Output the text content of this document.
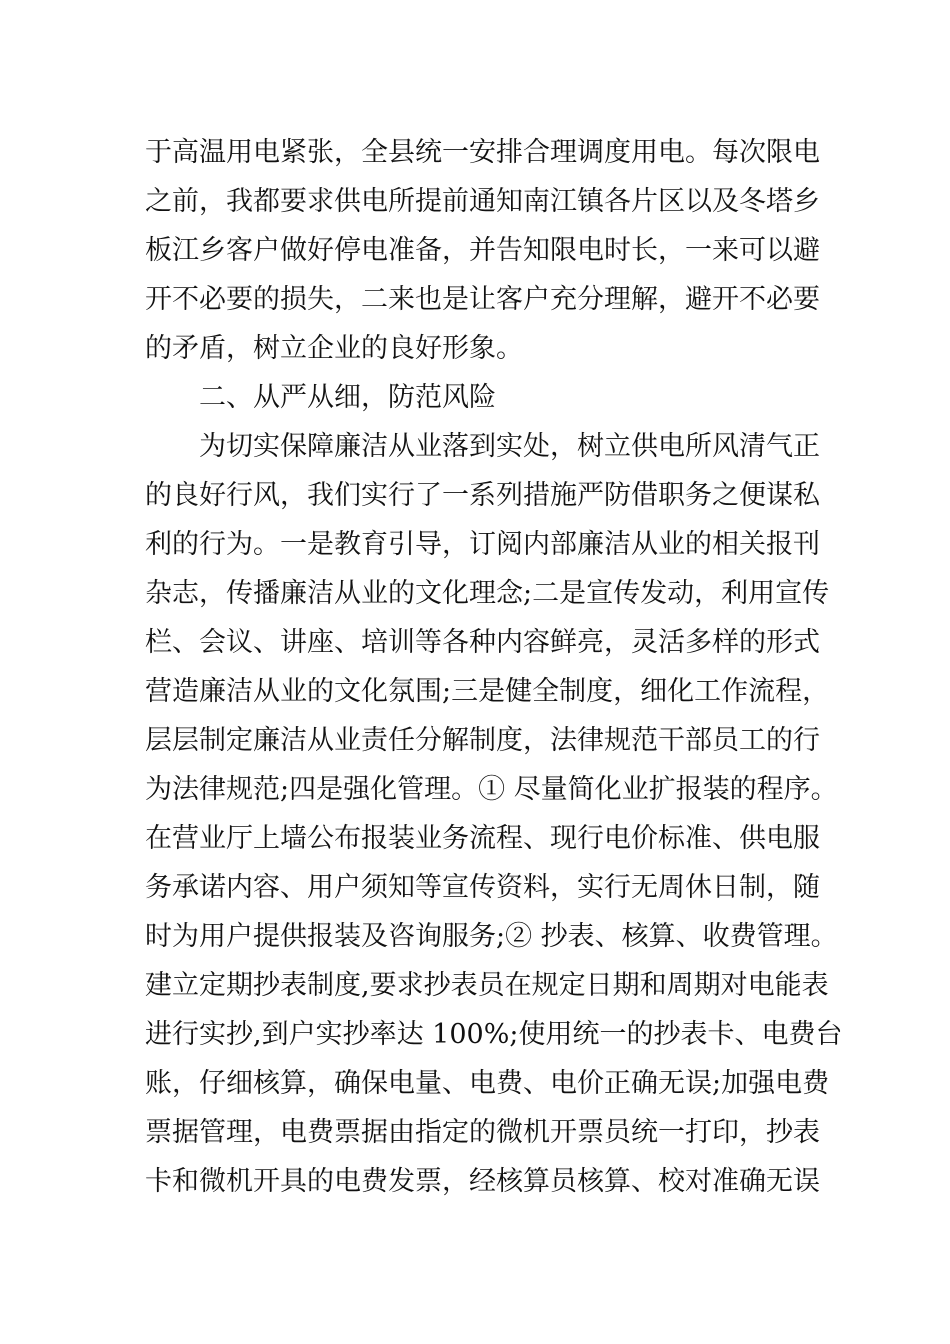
于高温用电紧张，全县统一安排合理调度用电。每次限电
之前，我都要求供电所提前通知南江镇各片区以及冬塔乡
板江乡客户做好停电准备，并告知限电时长，一来可以避
开不必要的损失，二来也是让客户充分理解，避开不必要
的矛盾，树立企业的良好形象。
二、从严从细，防范风险
为切实保障廉洁从业落到实处，树立供电所风清气正
的良好行风，我们实行了一系列措施严防借职务之便谋私
利的行为。一是教育引导，订阅内部廉洁从业的相关报刊
杂志，传播廉洁从业的文化理念;二是宣传发动，利用宣传
栏、会议、讲座、培训等各种内容鲜亮，灵活多样的形式
营造廉洁从业的文化氛围;三是健全制度，细化工作流程，
层层制定廉洁从业责任分解制度，法律规范干部员工的行
为法律规范;四是强化管理。① 尽量简化业扩报装的程序。
在营业厅上墙公布报装业务流程、现行电价标准、供电服
务承诺内容、用户须知等宣传资料，实行无周休日制，随
时为用户提供报装及咨询服务;② 抄表、核算、收费管理。
建立定期抄表制度,要求抄表员在规定日期和周期对电能表
进行实抄,到户实抄率达 100%;使用统一的抄表卡、电费台
账，仔细核算，确保电量、电费、电价正确无误;加强电费
票据管理，电费票据由指定的微机开票员统一打印，抄表
卡和微机开具的电费发票，经核算员核算、校对准确无误
